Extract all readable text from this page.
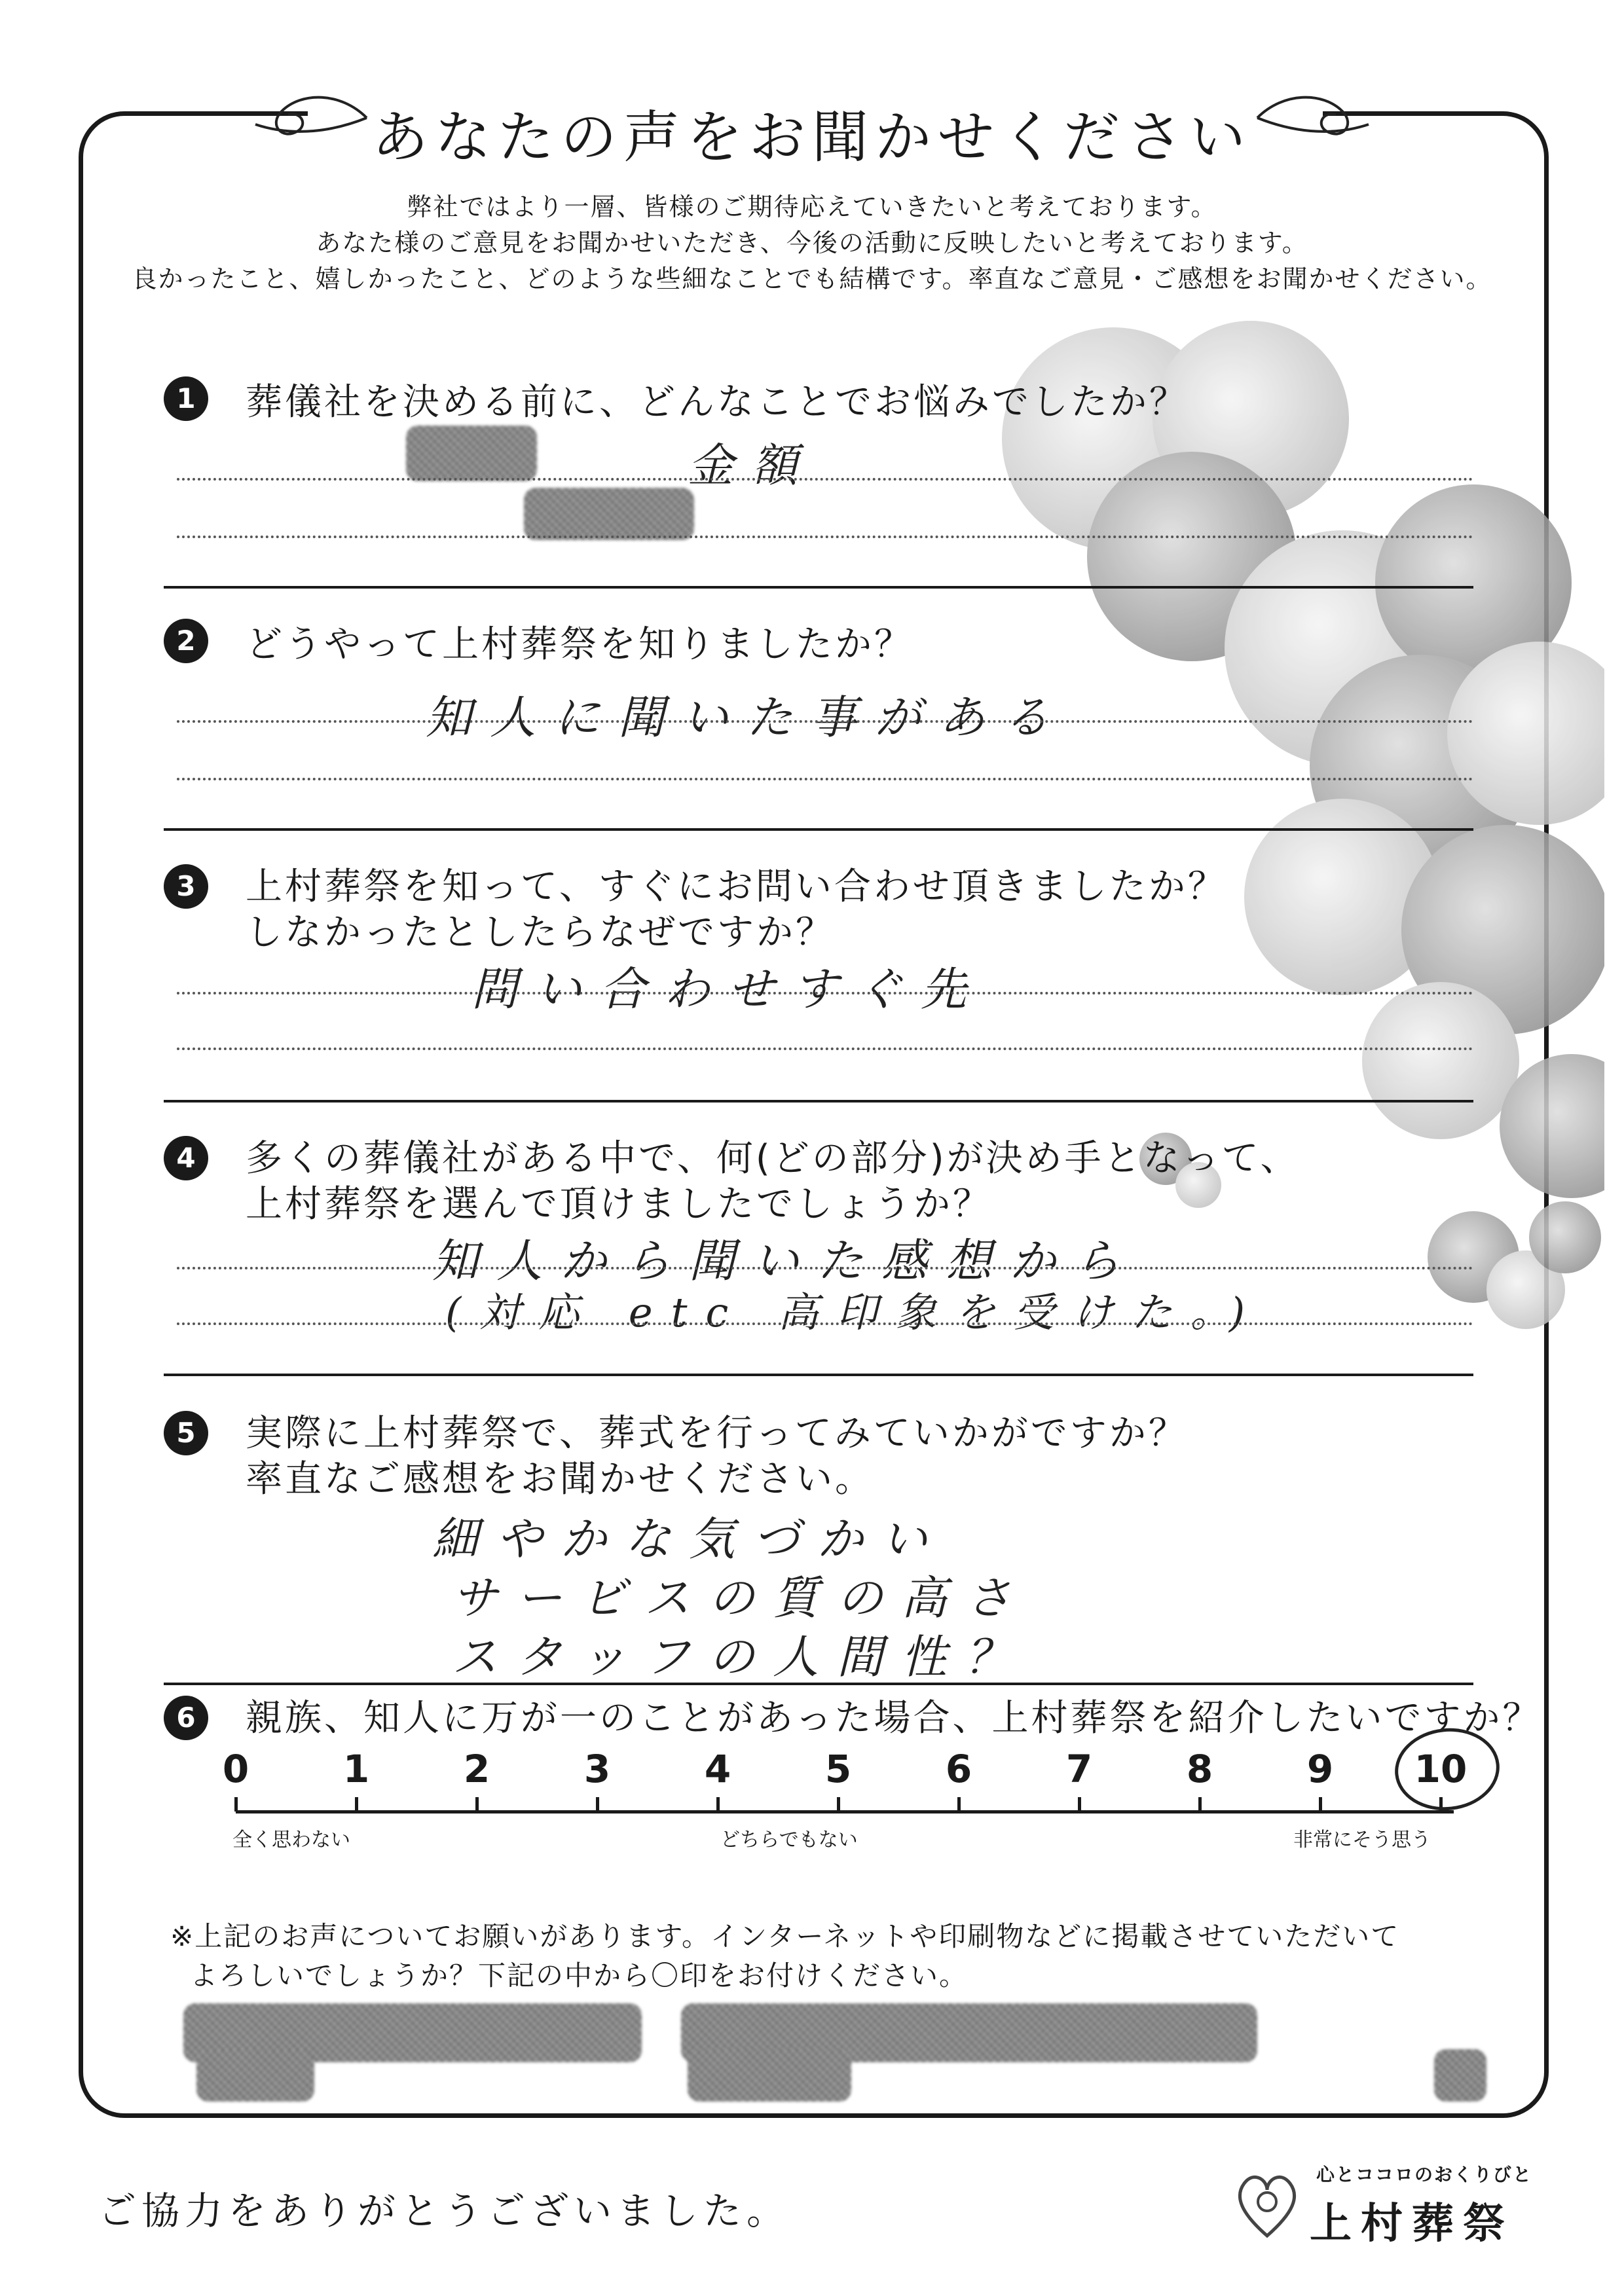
あなたの声をお聞かせください
弊社ではより一層、皆様のご期待応えていきたいと考えております。
あなた様のご意見をお聞かせいただき、今後の活動に反映したいと考えております。
良かったこと、嬉しかったこと、どのような些細なことでも結構です。率直なご意見・ご感想をお聞かせください。
1	葬儀社を決める前に、どんなことでお悩みでしたか？
金額
2	どうやって上村葬祭を知りましたか？
知人に聞いた事がある
3	上村葬祭を知って、すぐにお問い合わせ頂きましたか？
しなかったとしたらなぜですか？
問い合わせすぐ先
4	多くの葬儀社がある中で、何(どの部分)が決め手となって、
上村葬祭を選んで頂けましたでしょうか？
知人から聞いた感想から
(対応 etc 高印象を受けた。)
5	実際に上村葬祭で、葬式を行ってみていかがですか？
率直なご感想をお聞かせください。
細やかな気づかい
サービスの質の高さ
スタッフの人間性？
6	親族、知人に万が一のことがあった場合、上村葬祭を紹介したいですか？
0	1	2	3	4	5	6	7	8	9	10
全く思わない	どちらでもない	非常にそう思う
※上記のお声についてお願いがあります。インターネットや印刷物などに掲載させていただいて
よろしいでしょうか？下記の中から〇印をお付けください。
ご協力をありがとうございました。
心とココロのおくりびと
上村葬祭
